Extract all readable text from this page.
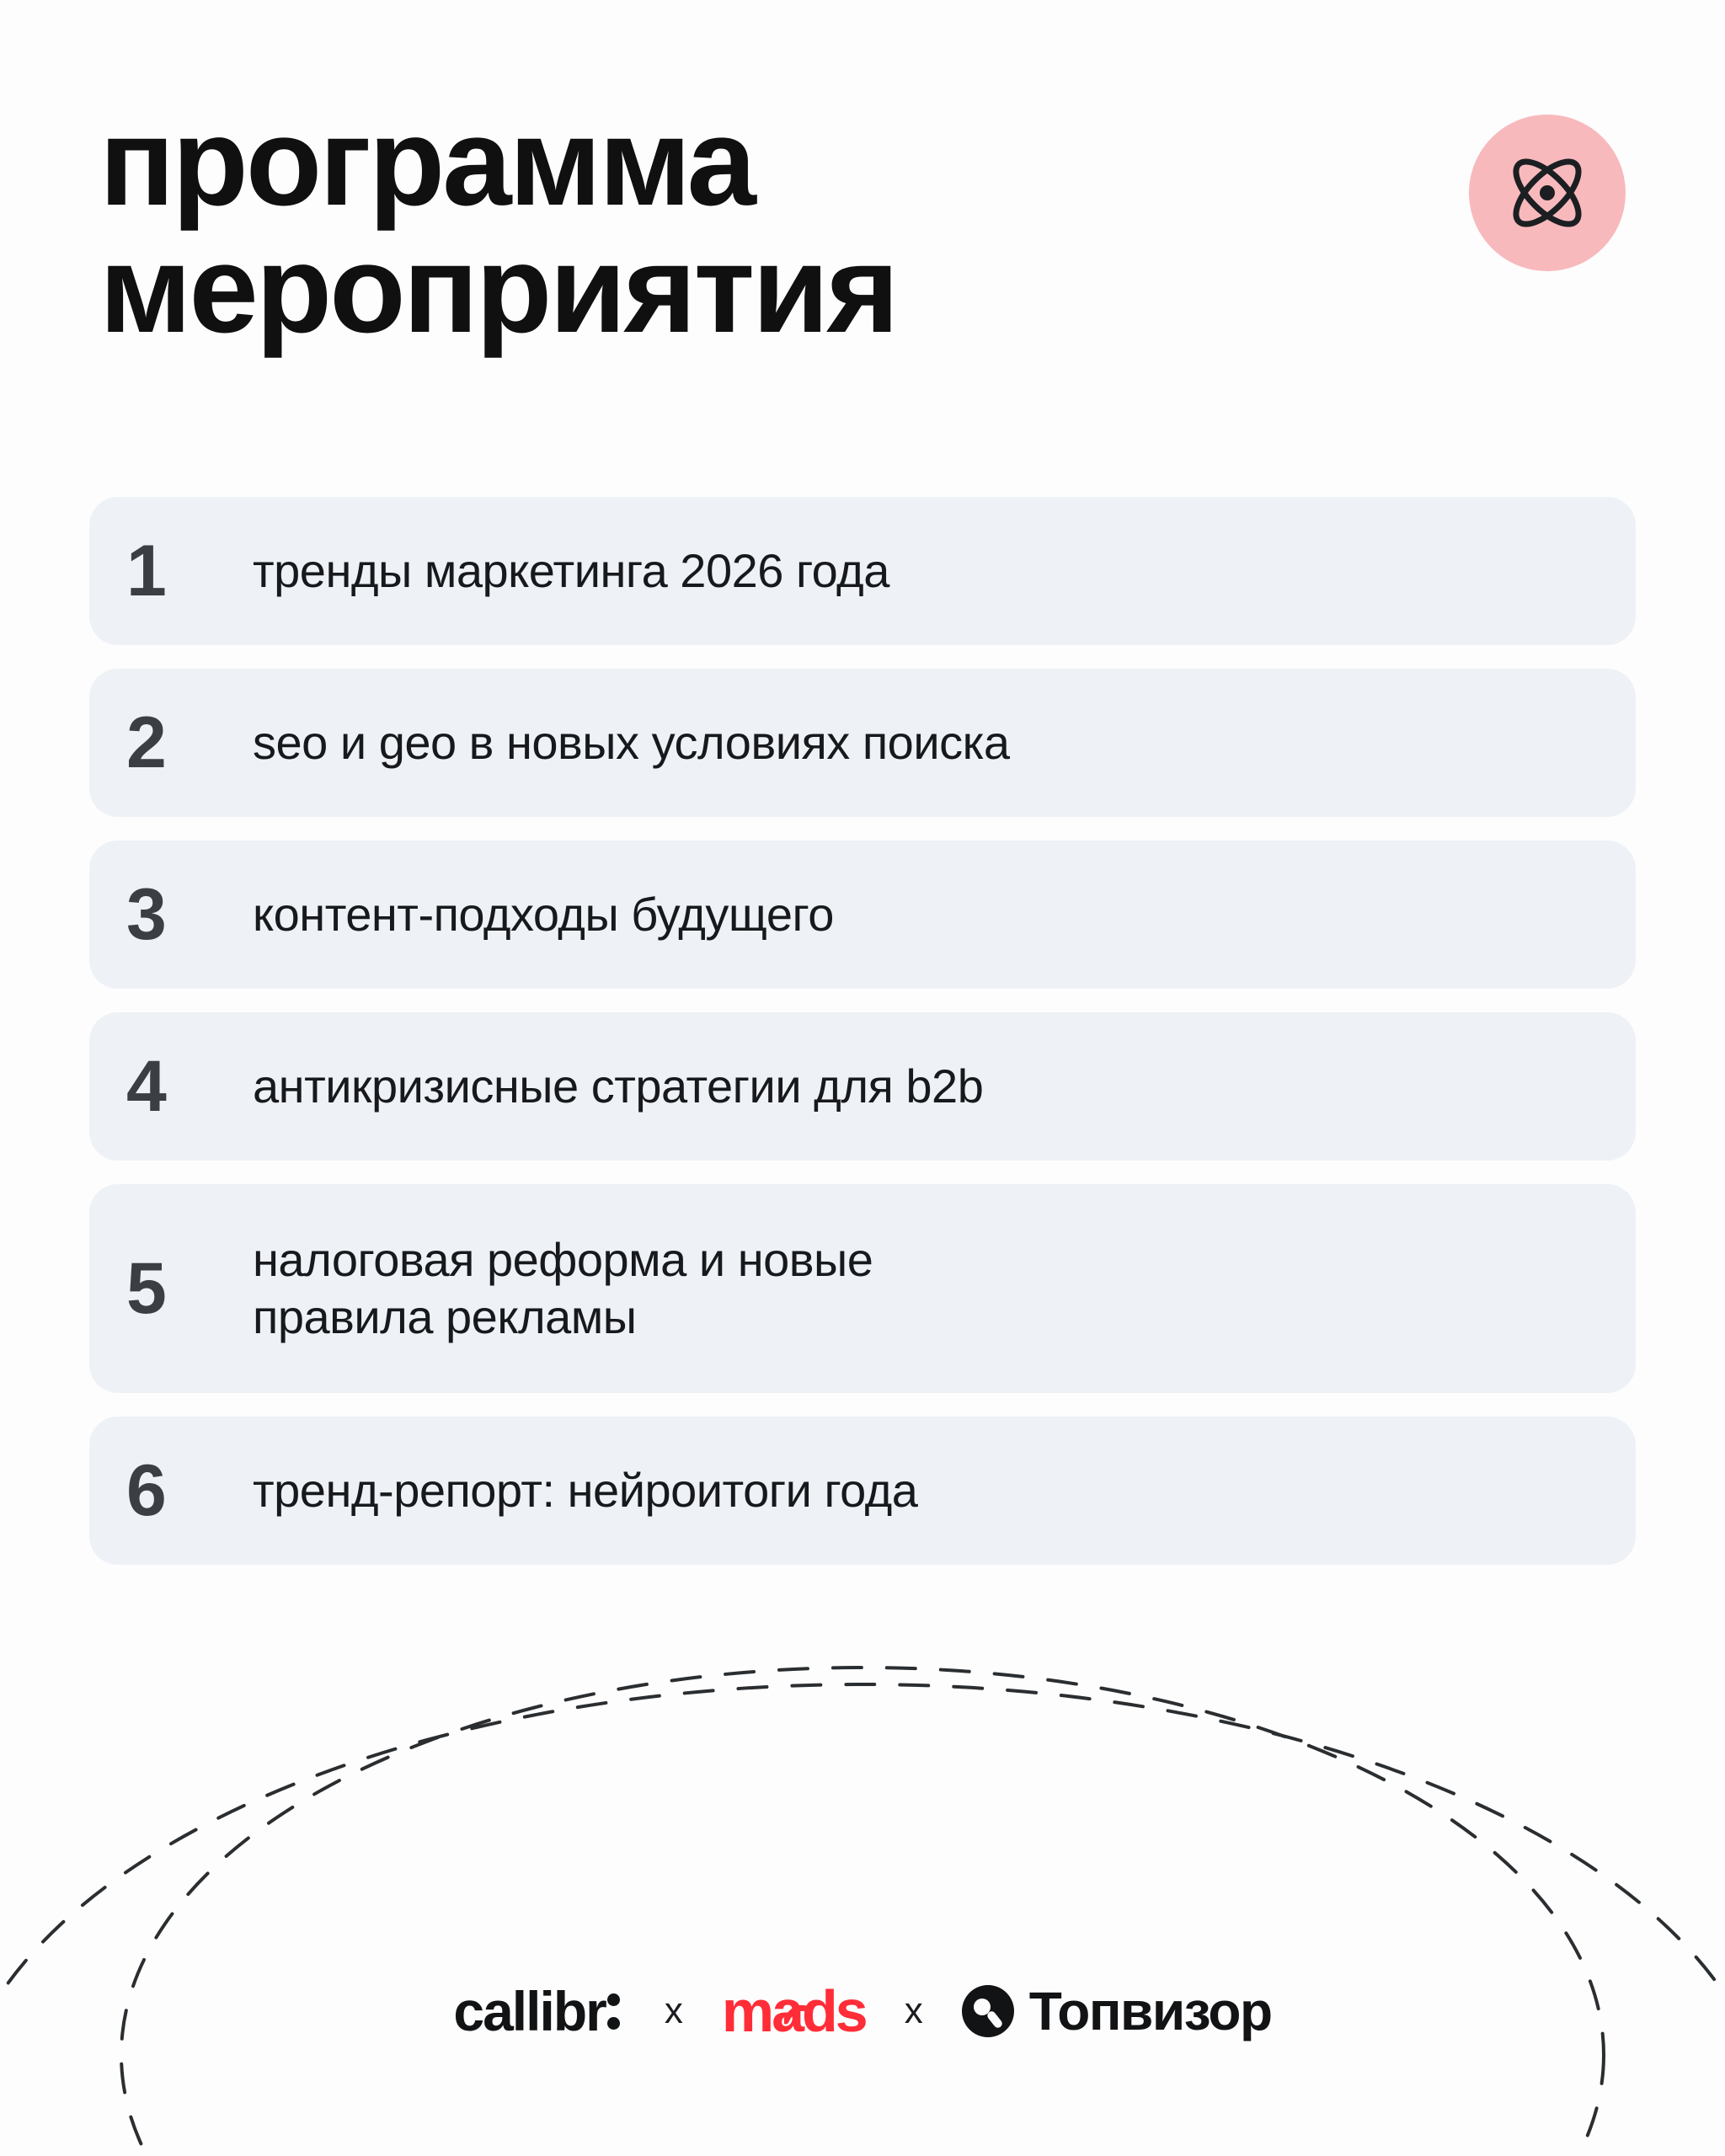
программа
мероприятия
1	тренды маркетинга 2026 года
2	seo и geo в новых условиях поиска
3	контент-подходы будущего
4	антикризисные стратегии для b2b
5	налоговая реформа и новые правила рекламы
6	тренд-репорт: нейроитоги года
callibr	x mads x Топвизор
